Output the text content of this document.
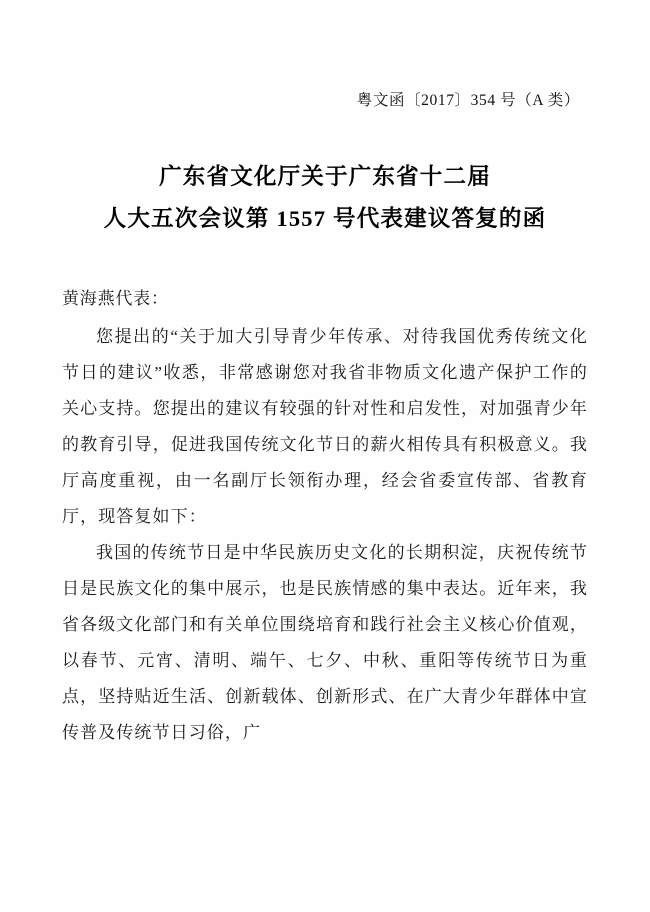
粤文函〔2017〕354 号（A 类）
广东省文化厅关于广东省十二届
人大五次会议第 1557 号代表建议答复的函
黄海燕代表：

您提出的“关于加大引导青少年传承、对待我国优秀传统文化节日的建议”收悉，非常感谢您对我省非物质文化遗产保护工作的关心支持。您提出的建议有较强的针对性和启发性，对加强青少年的教育引导，促进我国传统文化节日的薪火相传具有积极意义。我厅高度重视，由一名副厅长领衔办理，经会省委宣传部、省教育厅，现答复如下：

我国的传统节日是中华民族历史文化的长期积淀，庆祝传统节日是民族文化的集中展示，也是民族情感的集中表达。近年来，我省各级文化部门和有关单位围绕培育和践行社会主义核心价值观，以春节、元宵、清明、端午、七夕、中秋、重阳等传统节日为重点，坚持贴近生活、创新载体、创新形式、在广大青少年群体中宣传普及传统节日习俗，广
